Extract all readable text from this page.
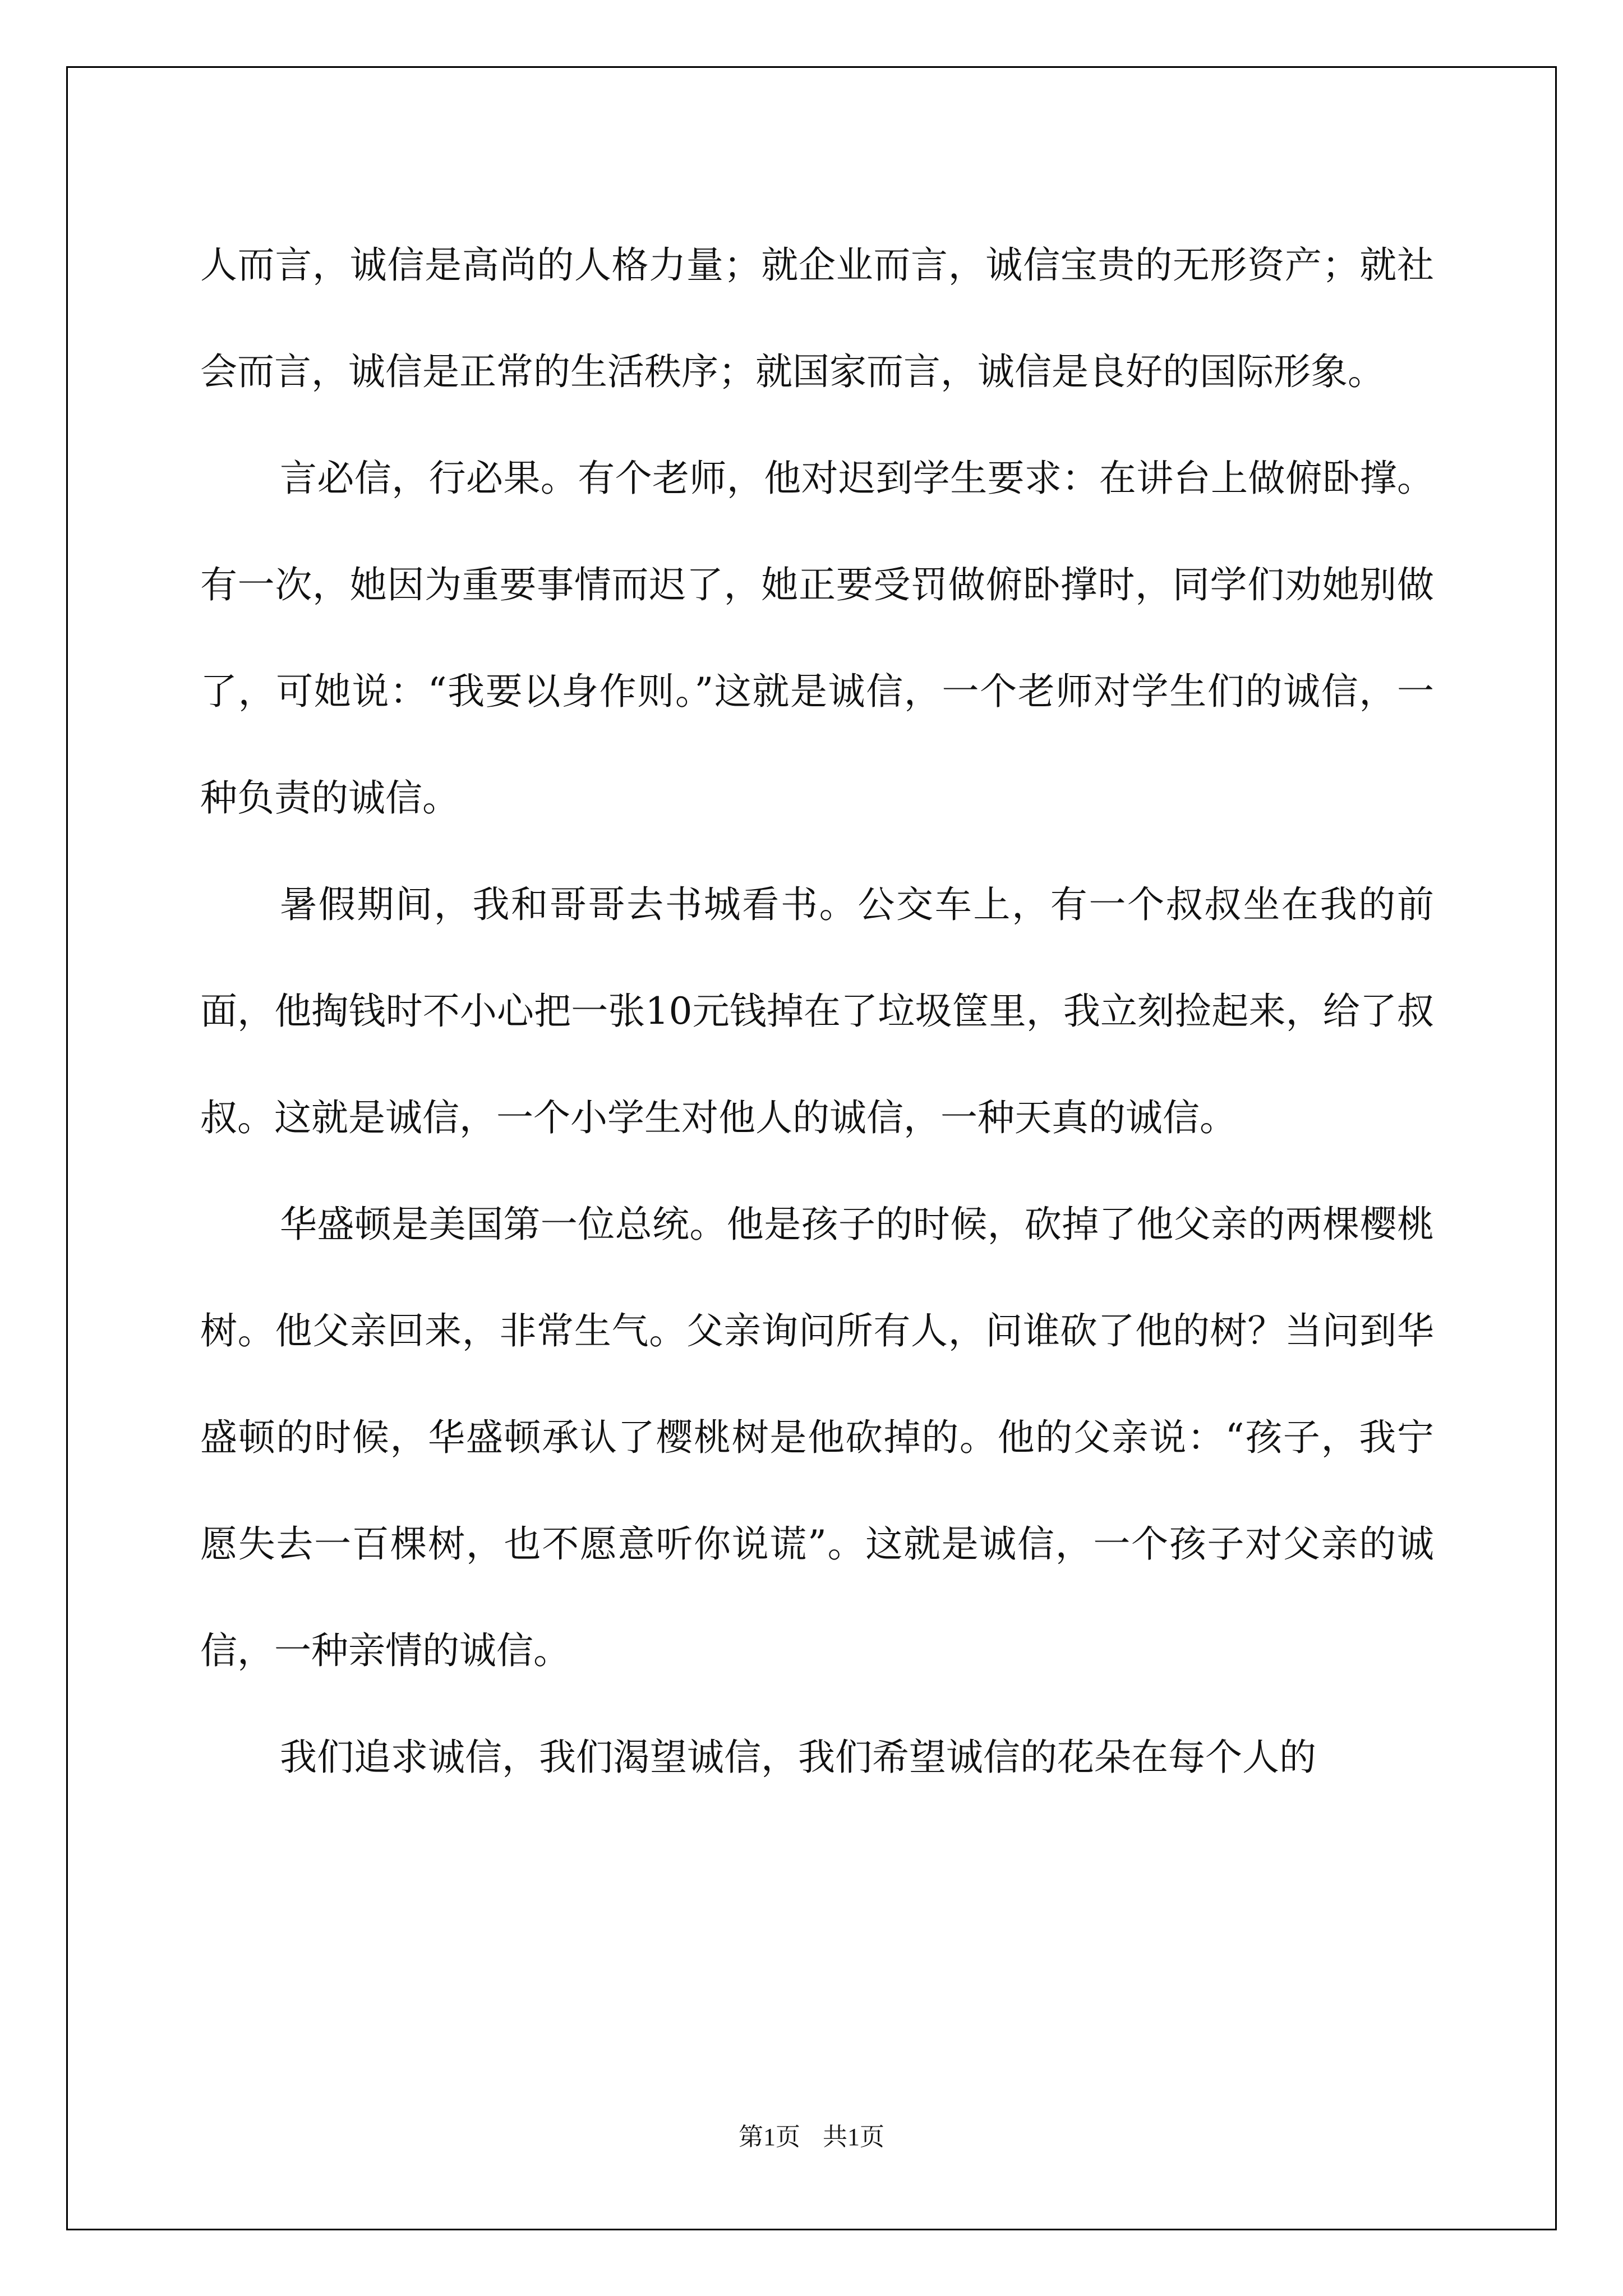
人而言，诚信是高尚的人格力量；就企业而言，诚信宝贵的无形资产；就社会而言，诚信是正常的生活秩序；就国家而言，诚信是良好的国际形象。

言必信，行必果。有个老师，他对迟到学生要求：在讲台上做俯卧撑。有一次，她因为重要事情而迟了，她正要受罚做俯卧撑时，同学们劝她别做了，可她说：“我要以身作则。”这就是诚信，一个老师对学生们的诚信，一种负责的诚信。

暑假期间，我和哥哥去书城看书。公交车上，有一个叔叔坐在我的前面，他掏钱时不小心把一张10元钱掉在了垃圾筐里，我立刻捡起来，给了叔叔。这就是诚信，一个小学生对他人的诚信，一种天真的诚信。

华盛顿是美国第一位总统。他是孩子的时候，砍掉了他父亲的两棵樱桃树。他父亲回来，非常生气。父亲询问所有人，问谁砍了他的树？当问到华盛顿的时候，华盛顿承认了樱桃树是他砍掉的。他的父亲说：“孩子，我宁愿失去一百棵树，也不愿意听你说谎”。这就是诚信，一个孩子对父亲的诚信，一种亲情的诚信。

我们追求诚信，我们渴望诚信，我们希望诚信的花朵在每个人的

第1页 共1页
